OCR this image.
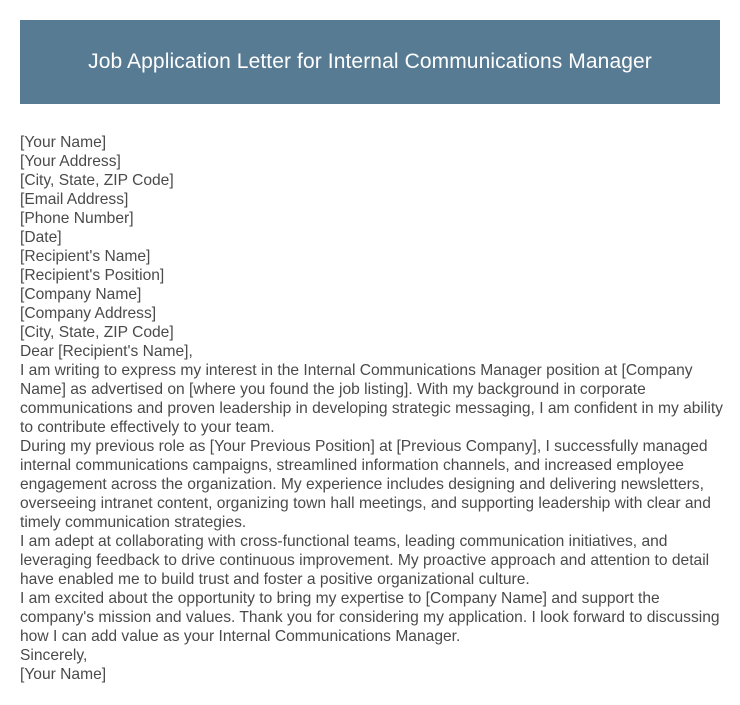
Job Application Letter for Internal Communications Manager
[Your Name]
[Your Address]
[City, State, ZIP Code]
[Email Address]
[Phone Number]
[Date]
[Recipient's Name]
[Recipient's Position]
[Company Name]
[Company Address]
[City, State, ZIP Code]
Dear [Recipient's Name],

I am writing to express my interest in the Internal Communications Manager position at [Company Name] as advertised on [where you found the job listing]. With my background in corporate communications and proven leadership in developing strategic messaging, I am confident in my ability to contribute effectively to your team.

During my previous role as [Your Previous Position] at [Previous Company], I successfully managed internal communications campaigns, streamlined information channels, and increased employee engagement across the organization. My experience includes designing and delivering newsletters, overseeing intranet content, organizing town hall meetings, and supporting leadership with clear and timely communication strategies.

I am adept at collaborating with cross-functional teams, leading communication initiatives, and leveraging feedback to drive continuous improvement. My proactive approach and attention to detail have enabled me to build trust and foster a positive organizational culture.

I am excited about the opportunity to bring my expertise to [Company Name] and support the company's mission and values. Thank you for considering my application. I look forward to discussing how I can add value as your Internal Communications Manager.

Sincerely,
[Your Name]
